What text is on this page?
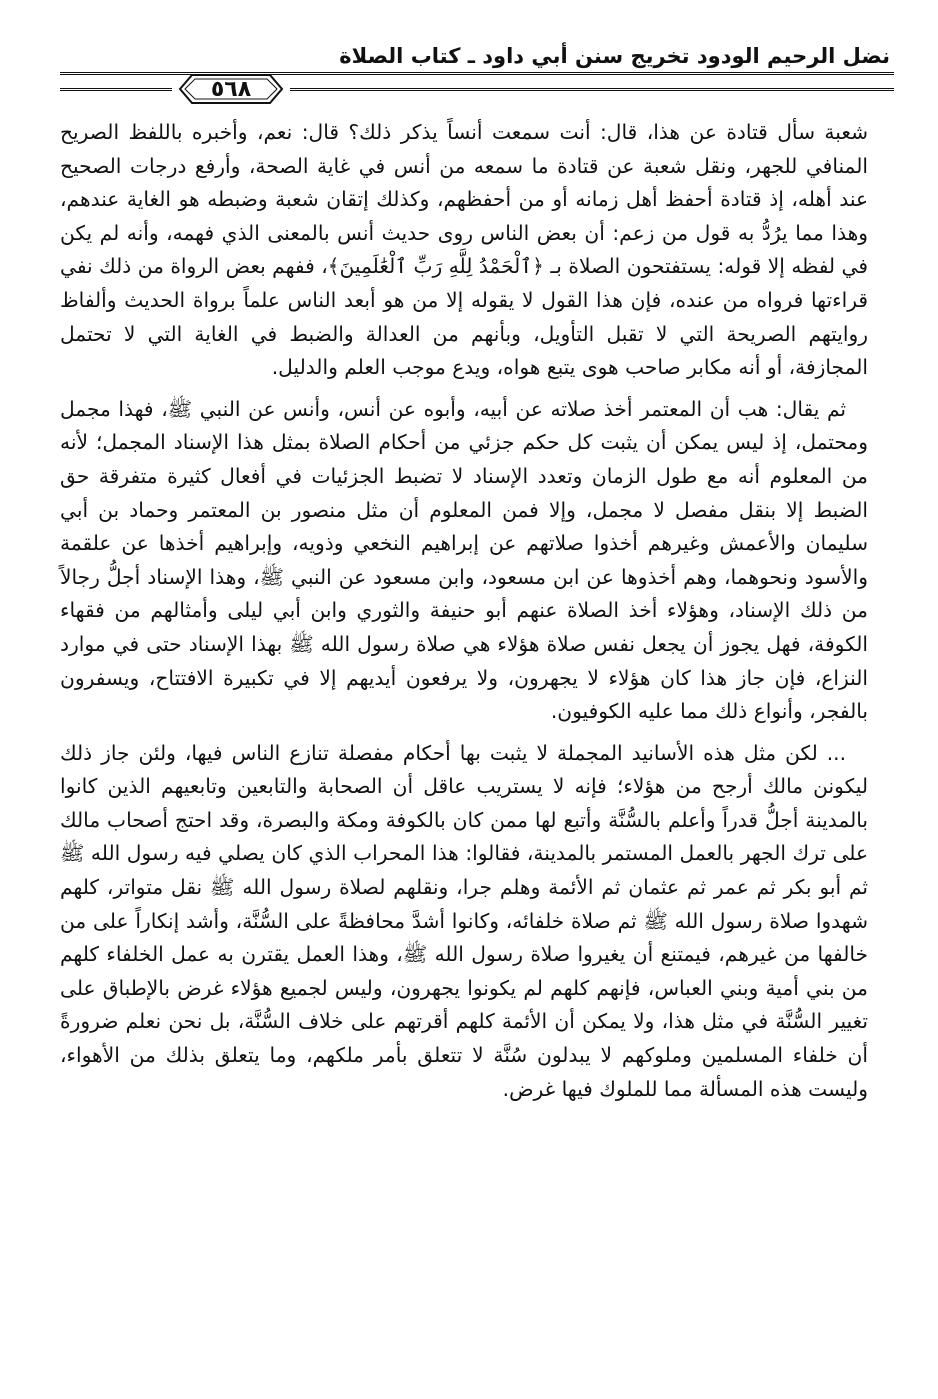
نضل الرحيم الودود تخريج سنن أبي داود ـ كتاب الصلاة
٥٦٨

شعبة سأل قتادة عن هذا، قال: أنت سمعت أنساً يذكر ذلك؟ قال: نعم، وأخبره باللفظ الصريح المنافي للجهر، ونقل شعبة عن قتادة ما سمعه من أنس في غاية الصحة، وأرفع درجات الصحيح عند أهله، إذ قتادة أحفظ أهل زمانه أو من أحفظهم، وكذلك إتقان شعبة وضبطه هو الغاية عندهم، وهذا مما يرُدُّ به قول من زعم: أن بعض الناس روى حديث أنس بالمعنى الذي فهمه، وأنه لم يكن في لفظه إلا قوله: يستفتحون الصلاة بـ ﴿ٱلْحَمْدُ لِلَّهِ رَبِّ ٱلْعَٰلَمِينَ﴾، ففهم بعض الرواة من ذلك نفي قراءتها فرواه من عنده، فإن هذا القول لا يقوله إلا من هو أبعد الناس علماً برواة الحديث وألفاظ روايتهم الصريحة التي لا تقبل التأويل، وبأنهم من العدالة والضبط في الغاية التي لا تحتمل المجازفة، أو أنه مكابر صاحب هوى يتبع هواه، ويدع موجب العلم والدليل.

ثم يقال: هب أن المعتمر أخذ صلاته عن أبيه، وأبوه عن أنس، وأنس عن النبي ﷺ، فهذا مجمل ومحتمل، إذ ليس يمكن أن يثبت كل حكم جزئي من أحكام الصلاة بمثل هذا الإسناد المجمل؛ لأنه من المعلوم أنه مع طول الزمان وتعدد الإسناد لا تضبط الجزئيات في أفعال كثيرة متفرقة حق الضبط إلا بنقل مفصل لا مجمل، وإلا فمن المعلوم أن مثل منصور بن المعتمر وحماد بن أبي سليمان والأعمش وغيرهم أخذوا صلاتهم عن إبراهيم النخعي وذويه، وإبراهيم أخذها عن علقمة والأسود ونحوهما، وهم أخذوها عن ابن مسعود، وابن مسعود عن النبي ﷺ، وهذا الإسناد أجلُّ رجالاً من ذلك الإسناد، وهؤلاء أخذ الصلاة عنهم أبو حنيفة والثوري وابن أبي ليلى وأمثالهم من فقهاء الكوفة، فهل يجوز أن يجعل نفس صلاة هؤلاء هي صلاة رسول الله ﷺ بهذا الإسناد حتى في موارد النزاع، فإن جاز هذا كان هؤلاء لا يجهرون، ولا يرفعون أيديهم إلا في تكبيرة الافتتاح، ويسفرون بالفجر، وأنواع ذلك مما عليه الكوفيون.

... لكن مثل هذه الأسانيد المجملة لا يثبت بها أحكام مفصلة تنازع الناس فيها، ولئن جاز ذلك ليكونن مالك أرجح من هؤلاء؛ فإنه لا يستريب عاقل أن الصحابة والتابعين وتابعيهم الذين كانوا بالمدينة أجلُّ قدراً وأعلم بالسُّنَّة وأتبع لها ممن كان بالكوفة ومكة والبصرة، وقد احتج أصحاب مالك على ترك الجهر بالعمل المستمر بالمدينة، فقالوا: هذا المحراب الذي كان يصلي فيه رسول الله ﷺ ثم أبو بكر ثم عمر ثم عثمان ثم الأئمة وهلم جرا، ونقلهم لصلاة رسول الله ﷺ نقل متواتر، كلهم شهدوا صلاة رسول الله ﷺ ثم صلاة خلفائه، وكانوا أشدَّ محافظةً على السُّنَّة، وأشد إنكاراً على من خالفها من غيرهم، فيمتنع أن يغيروا صلاة رسول الله ﷺ، وهذا العمل يقترن به عمل الخلفاء كلهم من بني أمية وبني العباس، فإنهم كلهم لم يكونوا يجهرون، وليس لجميع هؤلاء غرض بالإطباق على تغيير السُّنَّة في مثل هذا، ولا يمكن أن الأئمة كلهم أقرتهم على خلاف السُّنَّة، بل نحن نعلم ضرورةً أن خلفاء المسلمين وملوكهم لا يبدلون سُنَّة لا تتعلق بأمر ملكهم، وما يتعلق بذلك من الأهواء، وليست هذه المسألة مما للملوك فيها غرض.
